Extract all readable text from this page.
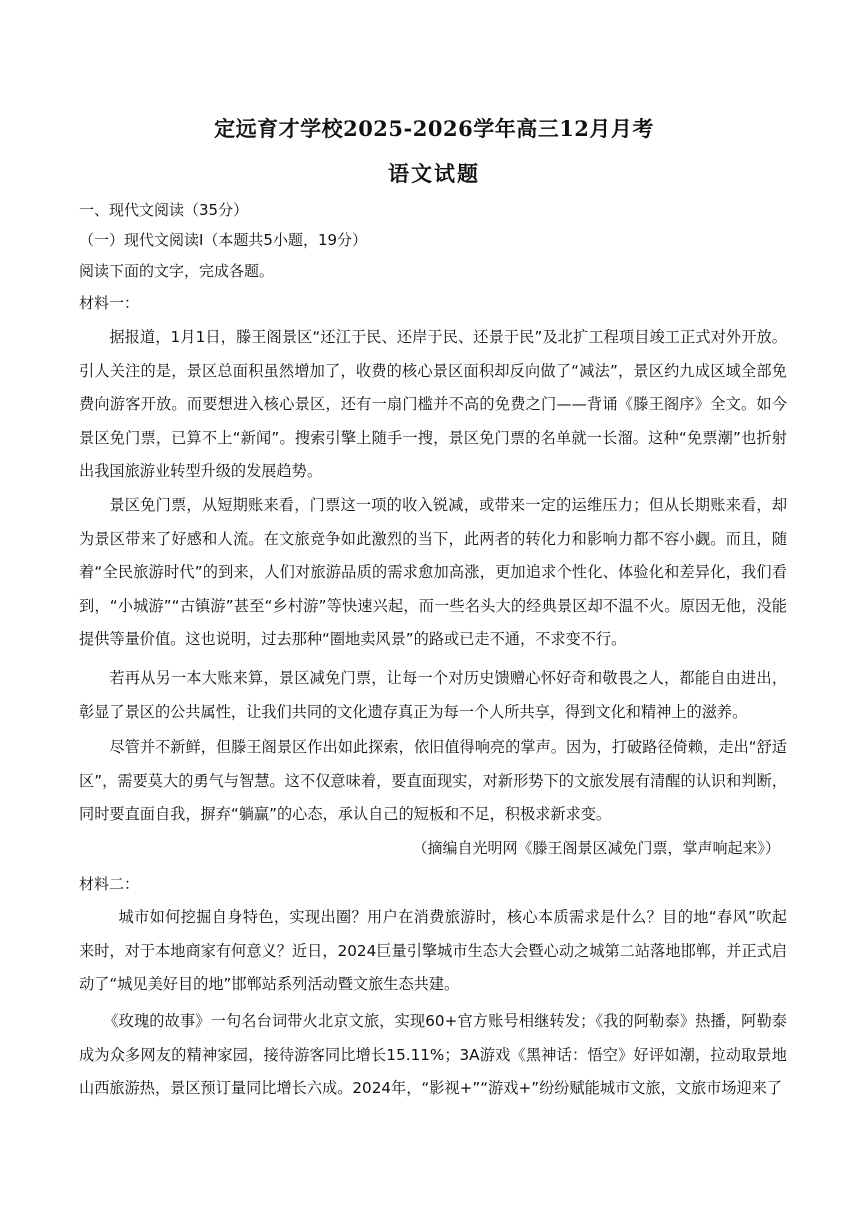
定远育才学校2025-2026学年高三12月月考
语文试题
一、现代文阅读（35分）
（一）现代文阅读Ⅰ（本题共5小题，19分）
阅读下面的文字，完成各题。
材料一：

据报道，1月1日，滕王阁景区“还江于民、还岸于民、还景于民”及北扩工程项目竣工正式对外开放。引人关注的是，景区总面积虽然增加了，收费的核心景区面积却反向做了“减法”，景区约九成区域全部免费向游客开放。而要想进入核心景区，还有一扇门槛并不高的免费之门——背诵《滕王阁序》全文。如今景区免门票，已算不上“新闻”。搜索引擎上随手一搜，景区免门票的名单就一长溜。这种“免票潮”也折射出我国旅游业转型升级的发展趋势。

景区免门票，从短期账来看，门票这一项的收入锐减，或带来一定的运维压力；但从长期账来看，却为景区带来了好感和人流。在文旅竞争如此激烈的当下，此两者的转化力和影响力都不容小觑。而且，随着“全民旅游时代”的到来，人们对旅游品质的需求愈加高涨，更加追求个性化、体验化和差异化，我们看到，“小城游”“古镇游”甚至“乡村游”等快速兴起，而一些名头大的经典景区却不温不火。原因无他，没能提供等量价值。这也说明，过去那种“圈地卖风景”的路或已走不通，不求变不行。

若再从另一本大账来算，景区减免门票，让每一个对历史馈赠心怀好奇和敬畏之人，都能自由进出，彰显了景区的公共属性，让我们共同的文化遗存真正为每一个人所共享，得到文化和精神上的滋养。

尽管并不新鲜，但滕王阁景区作出如此探索，依旧值得响亮的掌声。因为，打破路径倚赖，走出“舒适区”，需要莫大的勇气与智慧。这不仅意味着，要直面现实，对新形势下的文旅发展有清醒的认识和判断，同时要直面自我，摒弃“躺赢”的心态，承认自己的短板和不足，积极求新求变。

（摘编自光明网《滕王阁景区减免门票，掌声响起来》）
材料二：

城市如何挖掘自身特色，实现出圈？用户在消费旅游时，核心本质需求是什么？目的地“春风”吹起来时，对于本地商家有何意义？近日，2024巨量引擎城市生态大会暨心动之城第二站落地邯郸，并正式启动了“城见美好目的地”邯郸站系列活动暨文旅生态共建。

《玫瑰的故事》一句名台词带火北京文旅，实现60+官方账号相继转发；《我的阿勒泰》热播，阿勒泰成为众多网友的精神家园，接待游客同比增长15.11%；3A游戏《黑神话：悟空》好评如潮，拉动取景地山西旅游热，景区预订量同比增长六成。2024年，“影视+”“游戏+”纷纷赋能城市文旅，文旅市场迎来了
